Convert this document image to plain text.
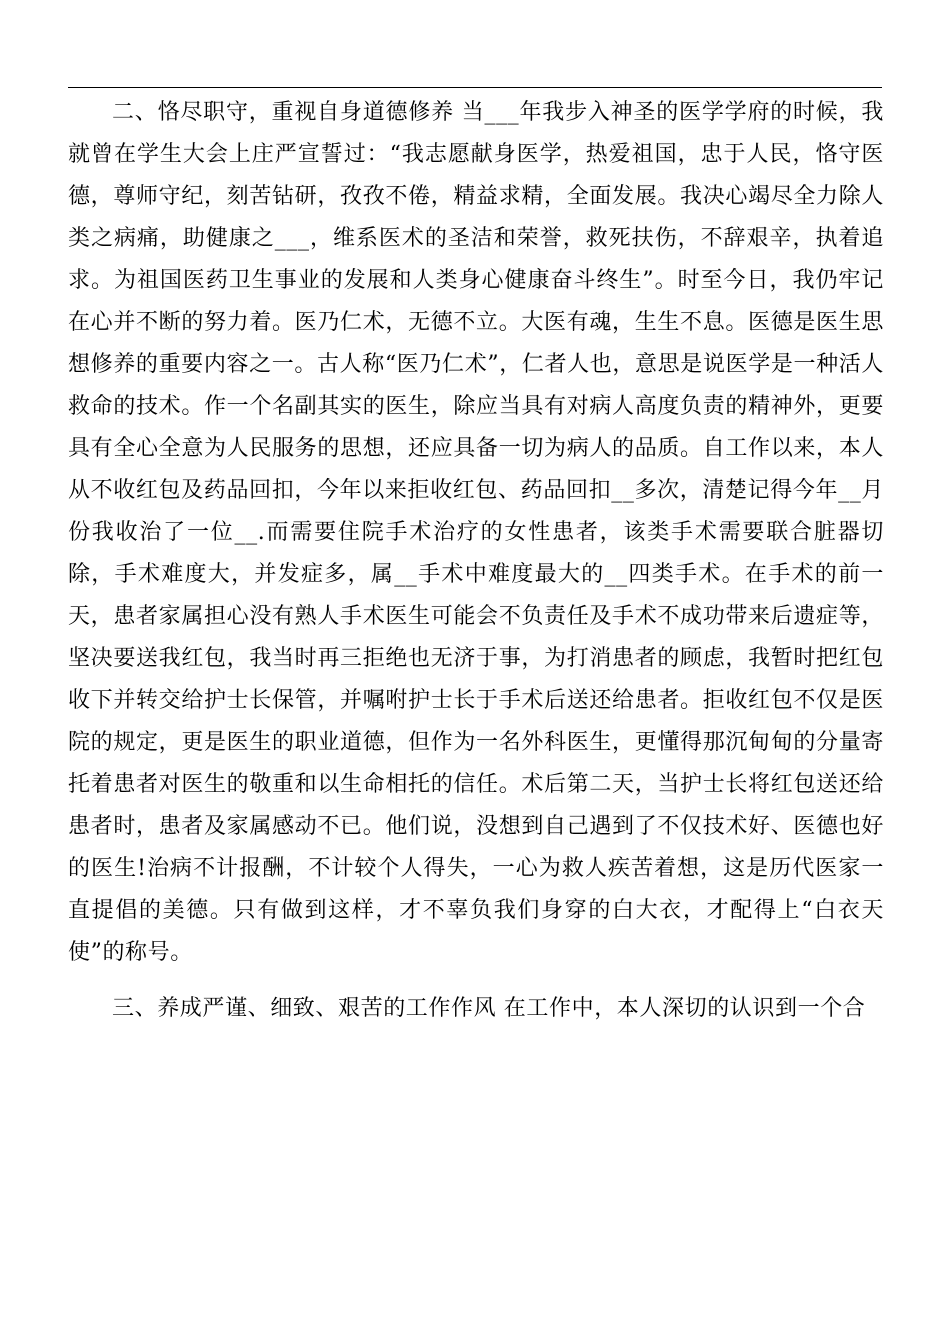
二、恪尽职守，重视自身道德修养 当___年我步入神圣的医学学府的时候，我就曾在学生大会上庄严宣誓过：“我志愿献身医学，热爱祖国，忠于人民，恪守医德，尊师守纪，刻苦钻研，孜孜不倦，精益求精，全面发展。我决心竭尽全力除人类之病痛，助健康之___，维系医术的圣洁和荣誉，救死扶伤，不辞艰辛，执着追求。为祖国医药卫生事业的发展和人类身心健康奋斗终生”。时至今日，我仍牢记在心并不断的努力着。医乃仁术，无德不立。大医有魂，生生不息。医德是医生思想修养的重要内容之一。古人称“医乃仁术”，仁者人也，意思是说医学是一种活人救命的技术。作一个名副其实的医生，除应当具有对病人高度负责的精神外，更要具有全心全意为人民服务的思想，还应具备一切为病人的品质。自工作以来，本人从不收红包及药品回扣，今年以来拒收红包、药品回扣__多次，清楚记得今年__月份我收治了一位__.而需要住院手术治疗的女性患者，该类手术需要联合脏器切除，手术难度大，并发症多，属__手术中难度最大的__四类手术。在手术的前一天，患者家属担心没有熟人手术医生可能会不负责任及手术不成功带来后遗症等，坚决要送我红包，我当时再三拒绝也无济于事，为打消患者的顾虑，我暂时把红包收下并转交给护士长保管，并嘱咐护士长于手术后送还给患者。拒收红包不仅是医院的规定，更是医生的职业道德，但作为一名外科医生，更懂得那沉甸甸的分量寄托着患者对医生的敬重和以生命相托的信任。术后第二天，当护士长将红包送还给患者时，患者及家属感动不已。他们说，没想到自己遇到了不仅技术好、医德也好的医生!治病不计报酬，不计较个人得失，一心为救人疾苦着想，这是历代医家一直提倡的美德。只有做到这样，才不辜负我们身穿的白大衣，才配得上“白衣天使”的称号。

三、养成严谨、细致、艰苦的工作作风 在工作中，本人深切的认识到一个合
